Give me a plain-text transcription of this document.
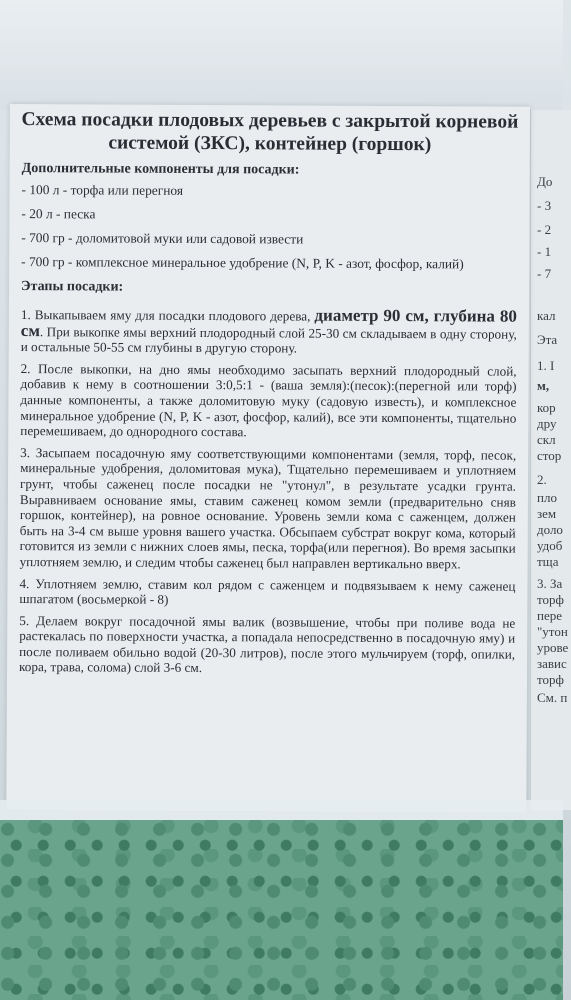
До
- 3
- 2
- 1
- 7
кал
Эта
1. I
м,
кор
дру
скл
стор
2.
пло
зем
доло
удоб
тща
3. За
торф
пере
"утон
урове
завис
торф
См. п
Схема посадки плодовых деревьев с закрытой корневой системой (ЗКС), контейнер (горшок)
Дополнительные компоненты для посадки:
- 100 л - торфа или перегноя
- 20 л - песка
- 700 гр - доломитовой муки или садовой извести
- 700 гр - комплексное минеральное удобрение (N, P, K - азот, фосфор, калий)
Этапы посадки:
1. Выкапываем яму для посадки плодового дерева, диаметр 90 см, глубина 80 см. При выкопке ямы верхний плодородный слой 25-30 см складываем в одну сторону, и остальные 50-55 см глубины в другую сторону.
2. После выкопки, на дно ямы необходимо засыпать верхний плодородный слой, добавив к нему в соотношении 3:0,5:1 - (ваша земля):(песок):(перегной или торф) данные компоненты, а также доломитовую муку (садовую известь), и комплексное минеральное удобрение (N, P, K - азот, фосфор, калий), все эти компоненты, тщательно перемешиваем, до однородного состава.
3. Засыпаем посадочную яму соответствующими компонентами (земля, торф, песок, минеральные удобрения, доломитовая мука), Тщательно перемешиваем и уплотняем грунт, чтобы саженец после посадки не "утонул", в результате усадки грунта. Выравниваем основание ямы, ставим саженец комом земли (предварительно сняв горшок, контейнер), на ровное основание. Уровень земли кома с саженцем, должен быть на 3-4 см выше уровня вашего участка. Обсыпаем субстрат вокруг кома, который готовится из земли с нижних слоев ямы, песка, торфа(или перегноя). Во время засыпки уплотняем землю, и следим чтобы саженец был направлен вертикально вверх.
4. Уплотняем землю, ставим кол рядом с саженцем и подвязываем к нему саженец шпагатом (восьмеркой - 8)
5. Делаем вокруг посадочной ямы валик (возвышение, чтобы при поливе вода не растекалась по поверхности участка, а попадала непосредственно в посадочную яму) и после поливаем обильно водой (20-30 литров), после этого мульчируем (торф, опилки, кора, трава, солома) слой 3-6 см.
